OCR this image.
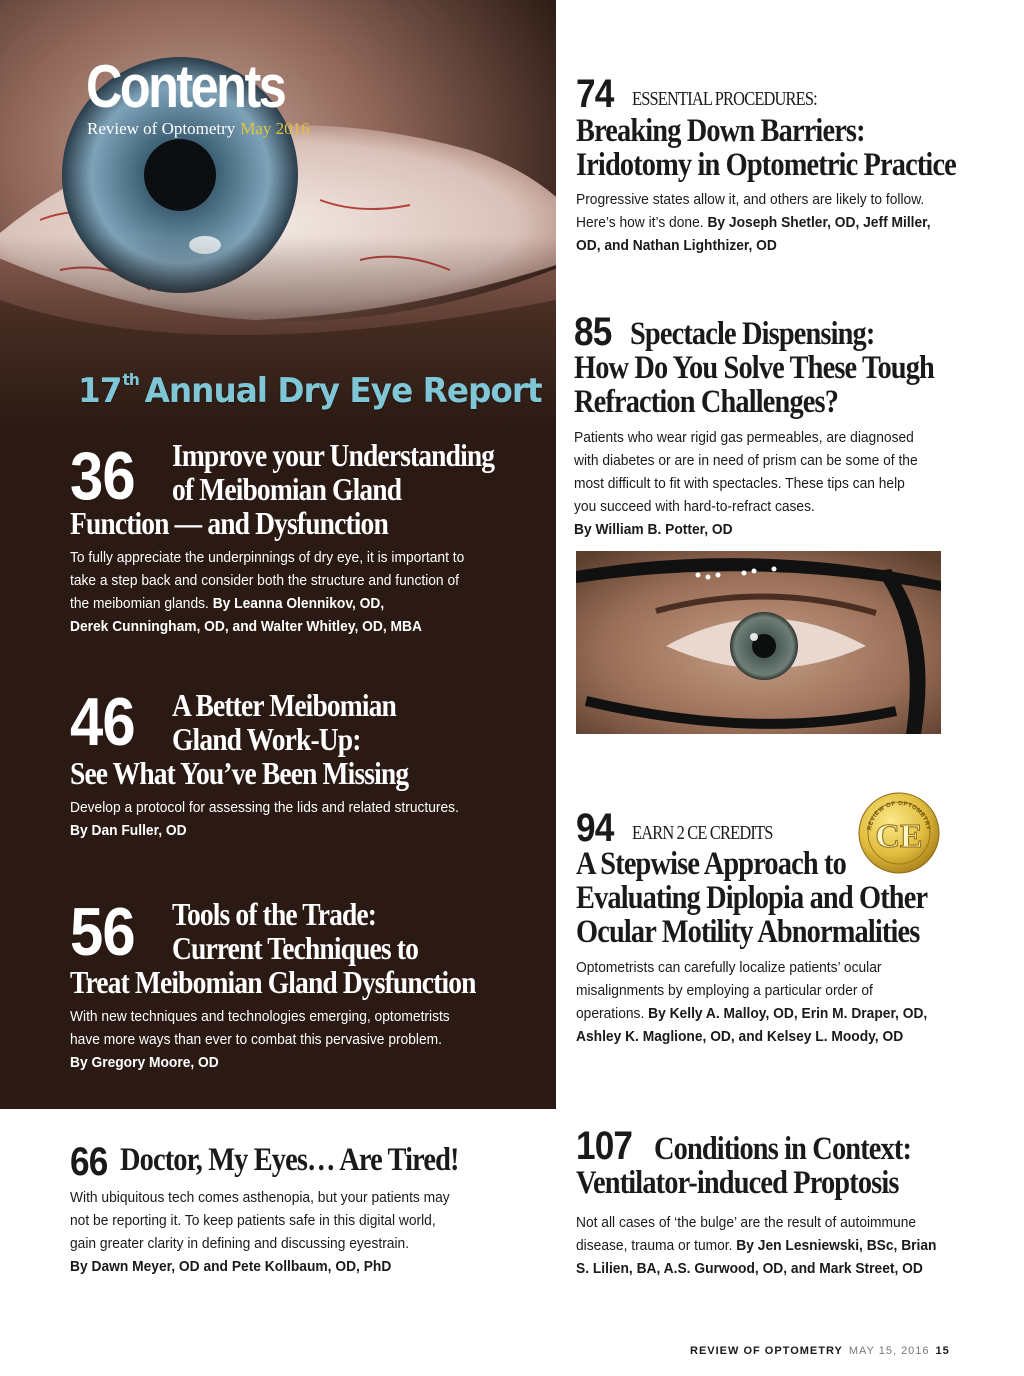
Contents
Review of Optometry May 2016
17th Annual Dry Eye Report
36 Improve your Understanding
of Meibomian Gland
Function — and Dysfunction
To fully appreciate the underpinnings of dry eye, it is important to
take a step back and consider both the structure and function of
the meibomian glands. By Leanna Olennikov, OD,
Derek Cunningham, OD, and Walter Whitley, OD, MBA
46 A Better Meibomian
Gland Work-Up:
See What You’ve Been Missing
Develop a protocol for assessing the lids and related structures.
By Dan Fuller, OD
56 Tools of the Trade:
Current Techniques to
Treat Meibomian Gland Dysfunction
With new techniques and technologies emerging, optometrists
have more ways than ever to combat this pervasive problem.
By Gregory Moore, OD
66 Doctor, My Eyes… Are Tired!
With ubiquitous tech comes asthenopia, but your patients may
not be reporting it. To keep patients safe in this digital world,
gain greater clarity in defining and discussing eyestrain.
By Dawn Meyer, OD and Pete Kollbaum, OD, PhD
74 ESSENTIAL PROCEDURES:
Breaking Down Barriers:
Iridotomy in Optometric Practice
Progressive states allow it, and others are likely to follow.
Here’s how it’s done. By Joseph Shetler, OD, Jeff Miller,
OD, and Nathan Lighthizer, OD
85 Spectacle Dispensing:
How Do You Solve These Tough
Refraction Challenges?
Patients who wear rigid gas permeables, are diagnosed
with diabetes or are in need of prism can be some of the
most difficult to fit with spectacles. These tips can help
you succeed with hard-to-refract cases.
By William B. Potter, OD
94 EARN 2 CE CREDITS
A Stepwise Approach to
Evaluating Diplopia and Other
Ocular Motility Abnormalities
Optometrists can carefully localize patients’ ocular
misalignments by employing a particular order of
operations. By Kelly A. Malloy, OD, Erin M. Draper, OD,
Ashley K. Maglione, OD, and Kelsey L. Moody, OD
REVIEW OF OPTOMETRY
CE
107 Conditions in Context:
Ventilator-induced Proptosis
Not all cases of ‘the bulge’ are the result of autoimmune
disease, trauma or tumor. By Jen Lesniewski, BSc, Brian
S. Lilien, BA, A.S. Gurwood, OD, and Mark Street, OD
REVIEW OF OPTOMETRY MAY 15, 2016 15
